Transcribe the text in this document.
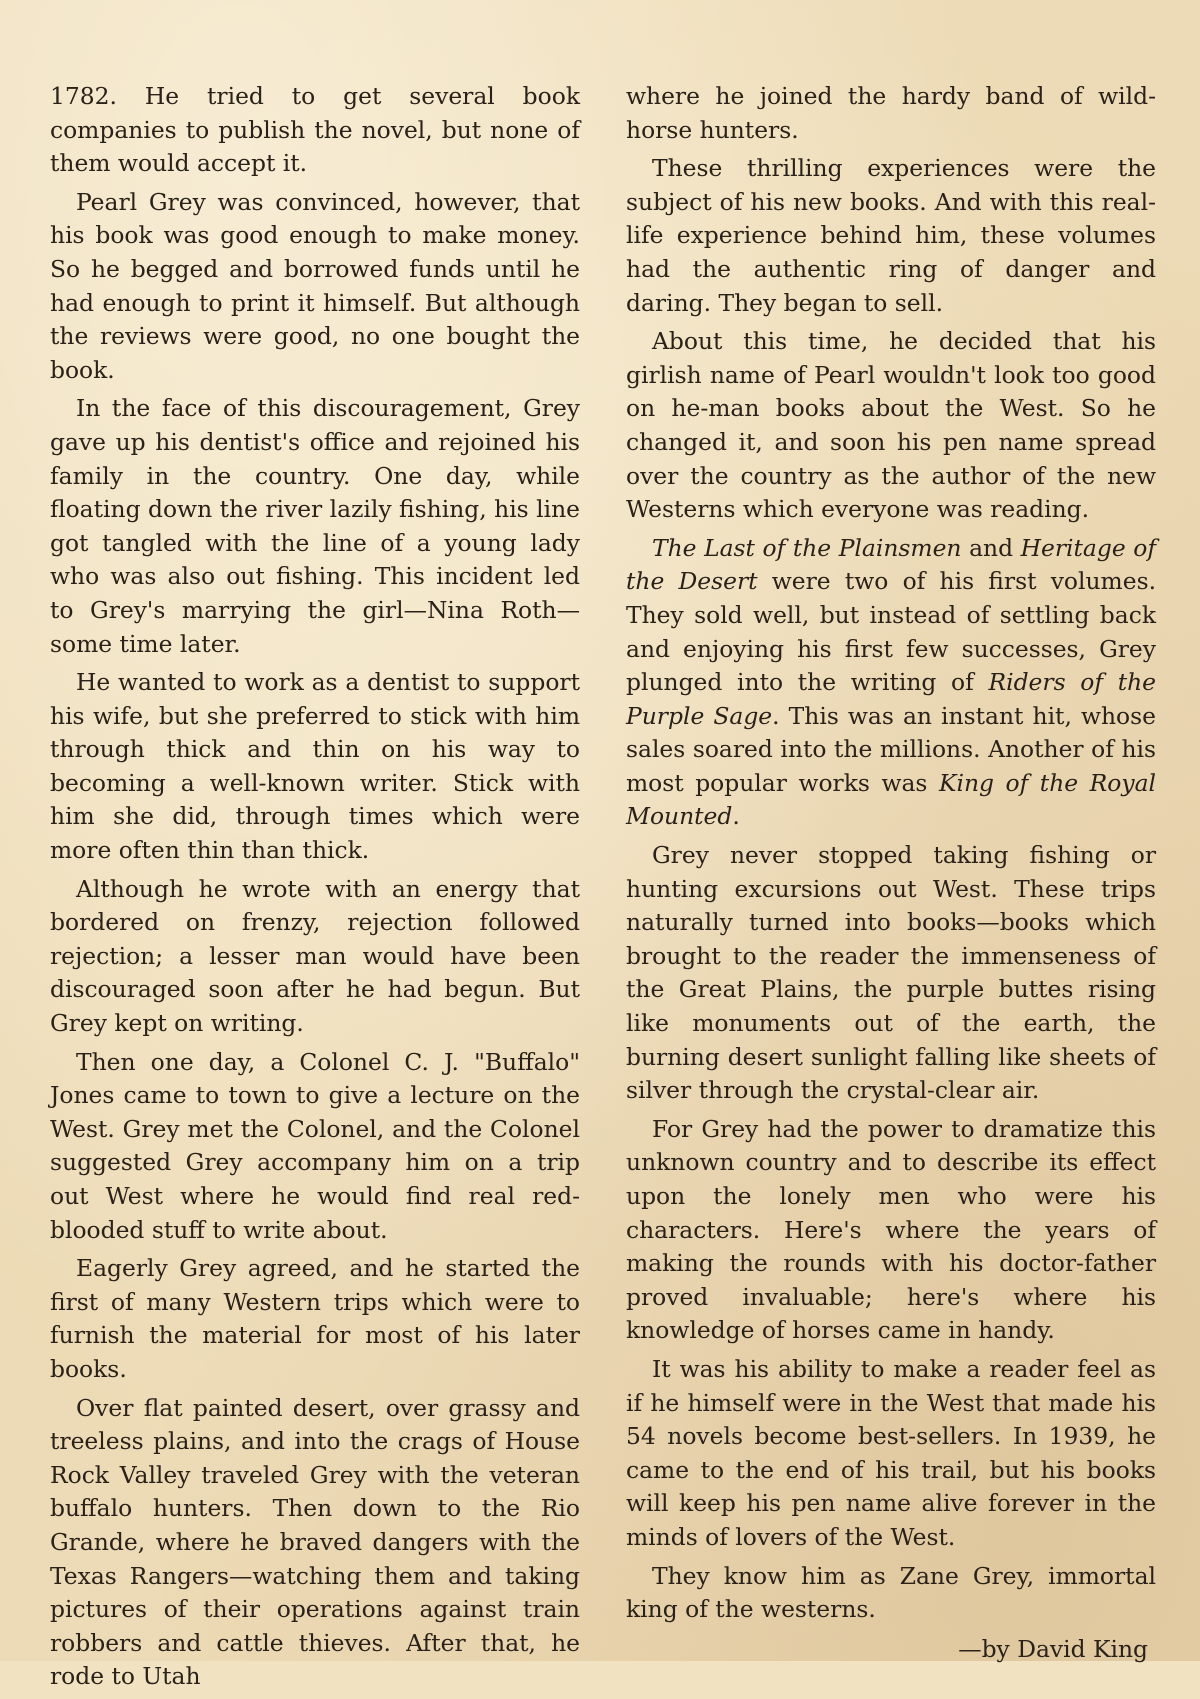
1782. He tried to get several book companies to publish the novel, but none of them would accept it.

Pearl Grey was convinced, however, that his book was good enough to make money. So he begged and borrowed funds until he had enough to print it himself. But although the reviews were good, no one bought the book.

In the face of this discouragement, Grey gave up his dentist's office and rejoined his family in the country. One day, while floating down the river lazily fishing, his line got tangled with the line of a young lady who was also out fishing. This incident led to Grey's marrying the girl—Nina Roth—some time later.

He wanted to work as a dentist to support his wife, but she preferred to stick with him through thick and thin on his way to becoming a well-known writer. Stick with him she did, through times which were more often thin than thick.

Although he wrote with an energy that bordered on frenzy, rejection followed rejection; a lesser man would have been discouraged soon after he had begun. But Grey kept on writing.

Then one day, a Colonel C. J. "Buffalo" Jones came to town to give a lecture on the West. Grey met the Colonel, and the Colonel suggested Grey accompany him on a trip out West where he would find real red-blooded stuff to write about.

Eagerly Grey agreed, and he started the first of many Western trips which were to furnish the material for most of his later books.

Over flat painted desert, over grassy and treeless plains, and into the crags of House Rock Valley traveled Grey with the veteran buffalo hunters. Then down to the Rio Grande, where he braved dangers with the Texas Rangers—watching them and taking pictures of their operations against train robbers and cattle thieves. After that, he rode to Utah

where he joined the hardy band of wild-horse hunters.

These thrilling experiences were the subject of his new books. And with this real-life experience behind him, these volumes had the authentic ring of danger and daring. They began to sell.

About this time, he decided that his girlish name of Pearl wouldn't look too good on he-man books about the West. So he changed it, and soon his pen name spread over the country as the author of the new Westerns which everyone was reading.

The Last of the Plainsmen and Heritage of the Desert were two of his first volumes. They sold well, but instead of settling back and enjoying his first few successes, Grey plunged into the writing of Riders of the Purple Sage. This was an instant hit, whose sales soared into the millions. Another of his most popular works was King of the Royal Mounted.

Grey never stopped taking fishing or hunting excursions out West. These trips naturally turned into books—books which brought to the reader the immenseness of the Great Plains, the purple buttes rising like monuments out of the earth, the burning desert sunlight falling like sheets of silver through the crystal-clear air.

For Grey had the power to dramatize this unknown country and to describe its effect upon the lonely men who were his characters. Here's where the years of making the rounds with his doctor-father proved invaluable; here's where his knowledge of horses came in handy.

It was his ability to make a reader feel as if he himself were in the West that made his 54 novels become best-sellers. In 1939, he came to the end of his trail, but his books will keep his pen name alive forever in the minds of lovers of the West.

They know him as Zane Grey, immortal king of the westerns.

—by David King
